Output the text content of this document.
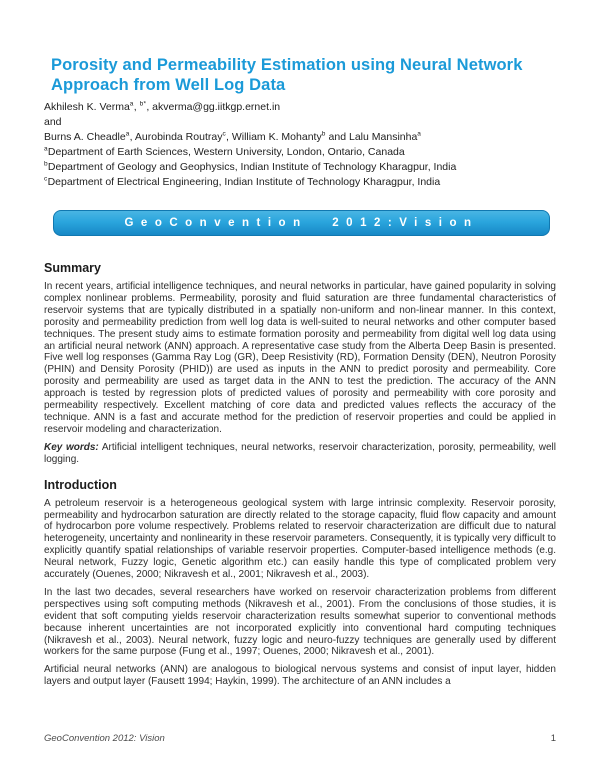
Porosity and Permeability Estimation using Neural Network
Approach from Well Log Data
Akhilesh K. Verma$^a$, $^{b*}$, akverma@gg.iitkgp.ernet.in
and
Burns A. Cheadle$^a$, Aurobinda Routray$^c$, William K. Mohanty$^b$ and Lalu Mansinha$^a$
$^a$Department of Earth Sciences, Western University, London, Ontario, Canada
$^b$Department of Geology and Geophysics, Indian Institute of Technology Kharagpur, India
$^c$Department of Electrical Engineering, Indian Institute of Technology Kharagpur, India
GeoConvention 2012:Vision
Summary

In recent years, artificial intelligence techniques, and neural networks in particular, have gained popularity in solving complex nonlinear problems. Permeability, porosity and fluid saturation are three fundamental characteristics of reservoir systems that are typically distributed in a spatially non-uniform and non-linear manner. In this context, porosity and permeability prediction from well log data is well-suited to neural networks and other computer based techniques. The present study aims to estimate formation porosity and permeability from digital well log data using an artificial neural network (ANN) approach. A representative case study from the Alberta Deep Basin is presented. Five well log responses (Gamma Ray Log (GR), Deep Resistivity (RD), Formation Density (DEN), Neutron Porosity (PHIN) and Density Porosity (PHID)) are used as inputs in the ANN to predict porosity and permeability. Core porosity and permeability are used as target data in the ANN to test the prediction. The accuracy of the ANN approach is tested by regression plots of predicted values of porosity and permeability with core porosity and permeability respectively. Excellent matching of core data and predicted values reflects the accuracy of the technique. ANN is a fast and accurate method for the prediction of reservoir properties and could be applied in reservoir modeling and characterization.

Key words: Artificial intelligent techniques, neural networks, reservoir characterization, porosity, permeability, well logging.

Introduction

A petroleum reservoir is a heterogeneous geological system with large intrinsic complexity. Reservoir porosity, permeability and hydrocarbon saturation are directly related to the storage capacity, fluid flow capacity and amount of hydrocarbon pore volume respectively. Problems related to reservoir characterization are difficult due to natural heterogeneity, uncertainty and nonlinearity in these reservoir parameters. Consequently, it is typically very difficult to explicitly quantify spatial relationships of variable reservoir properties. Computer-based intelligence methods (e.g. Neural network, Fuzzy logic, Genetic algorithm etc.) can easily handle this type of complicated problem very accurately (Ouenes, 2000; Nikravesh et al., 2001; Nikravesh et al., 2003).

In the last two decades, several researchers have worked on reservoir characterization problems from different perspectives using soft computing methods (Nikravesh et al., 2001). From the conclusions of those studies, it is evident that soft computing yields reservoir characterization results somewhat superior to conventional methods because inherent uncertainties are not incorporated explicitly into conventional hard computing techniques (Nikravesh et al., 2003). Neural network, fuzzy logic and neuro-fuzzy techniques are generally used by different workers for the same purpose (Fung et al., 1997; Ouenes, 2000; Nikravesh et al., 2001).

Artificial neural networks (ANN) are analogous to biological nervous systems and consist of input layer, hidden layers and output layer (Fausett 1994; Haykin, 1999). The architecture of an ANN includes a

GeoConvention 2012: Vision	1
